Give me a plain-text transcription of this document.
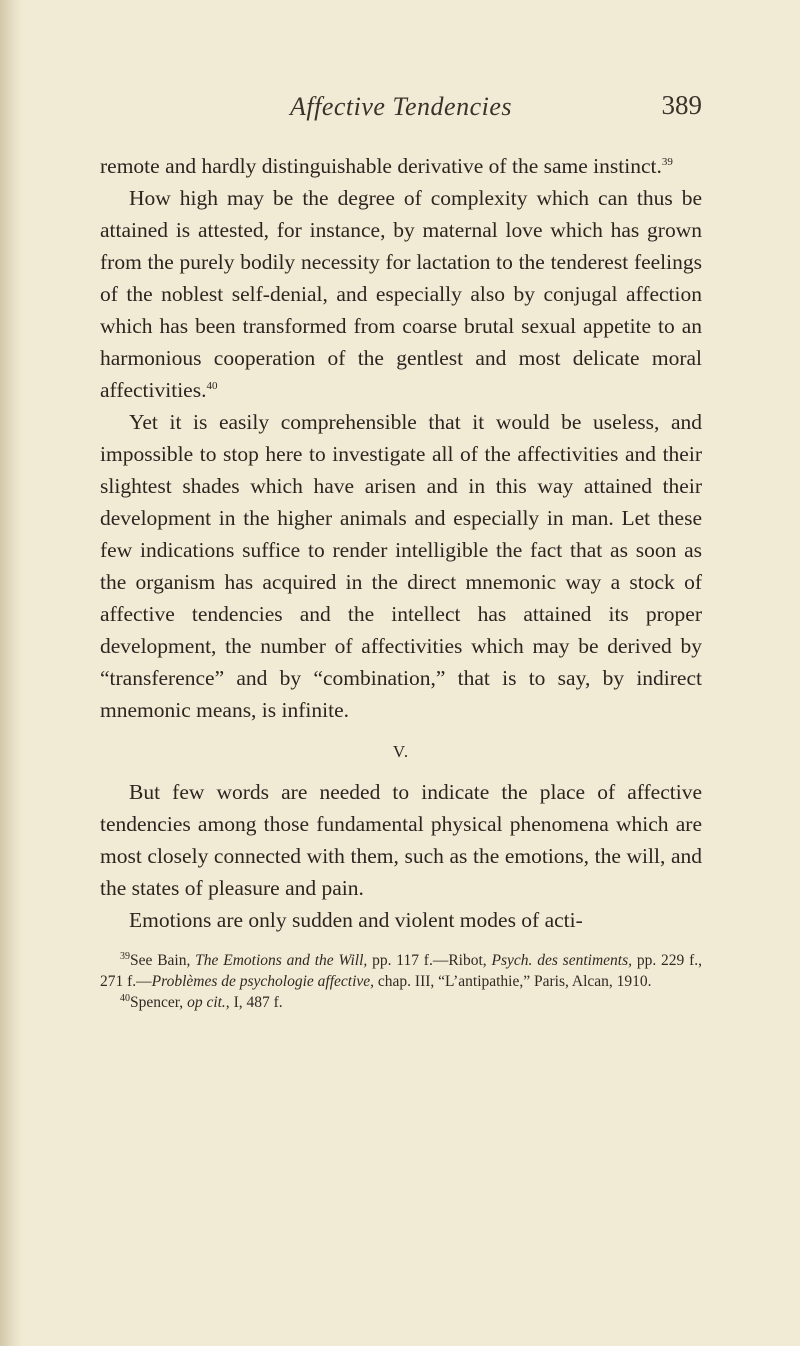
Affective Tendencies	389

remote and hardly distinguishable derivative of the same instinct.$^{39}$

How high may be the degree of complexity which can thus be attained is attested, for instance, by maternal love which has grown from the purely bodily necessity for lactation to the tenderest feelings of the noblest self-denial, and especially also by conjugal affection which has been transformed from coarse brutal sexual appetite to an harmonious cooperation of the gentlest and most delicate moral affectivities.$^{40}$

Yet it is easily comprehensible that it would be useless, and impossible to stop here to investigate all of the affectivities and their slightest shades which have arisen and in this way attained their development in the higher animals and especially in man. Let these few indications suffice to render intelligible the fact that as soon as the organism has acquired in the direct mnemonic way a stock of affective tendencies and the intellect has attained its proper development, the number of affectivities which may be derived by “transference” and by “combination,” that is to say, by indirect mnemonic means, is infinite.

V.

But few words are needed to indicate the place of affective tendencies among those fundamental physical phenomena which are most closely connected with them, such as the emotions, the will, and the states of pleasure and pain.

Emotions are only sudden and violent modes of acti-

$^{39}$See Bain, The Emotions and the Will, pp. 117 f.—Ribot, Psych. des sentiments, pp. 229 f., 271 f.—Problèmes de psychologie affective, chap. III, “L’antipathie,” Paris, Alcan, 1910.

$^{40}$Spencer, op cit., I, 487 f.
